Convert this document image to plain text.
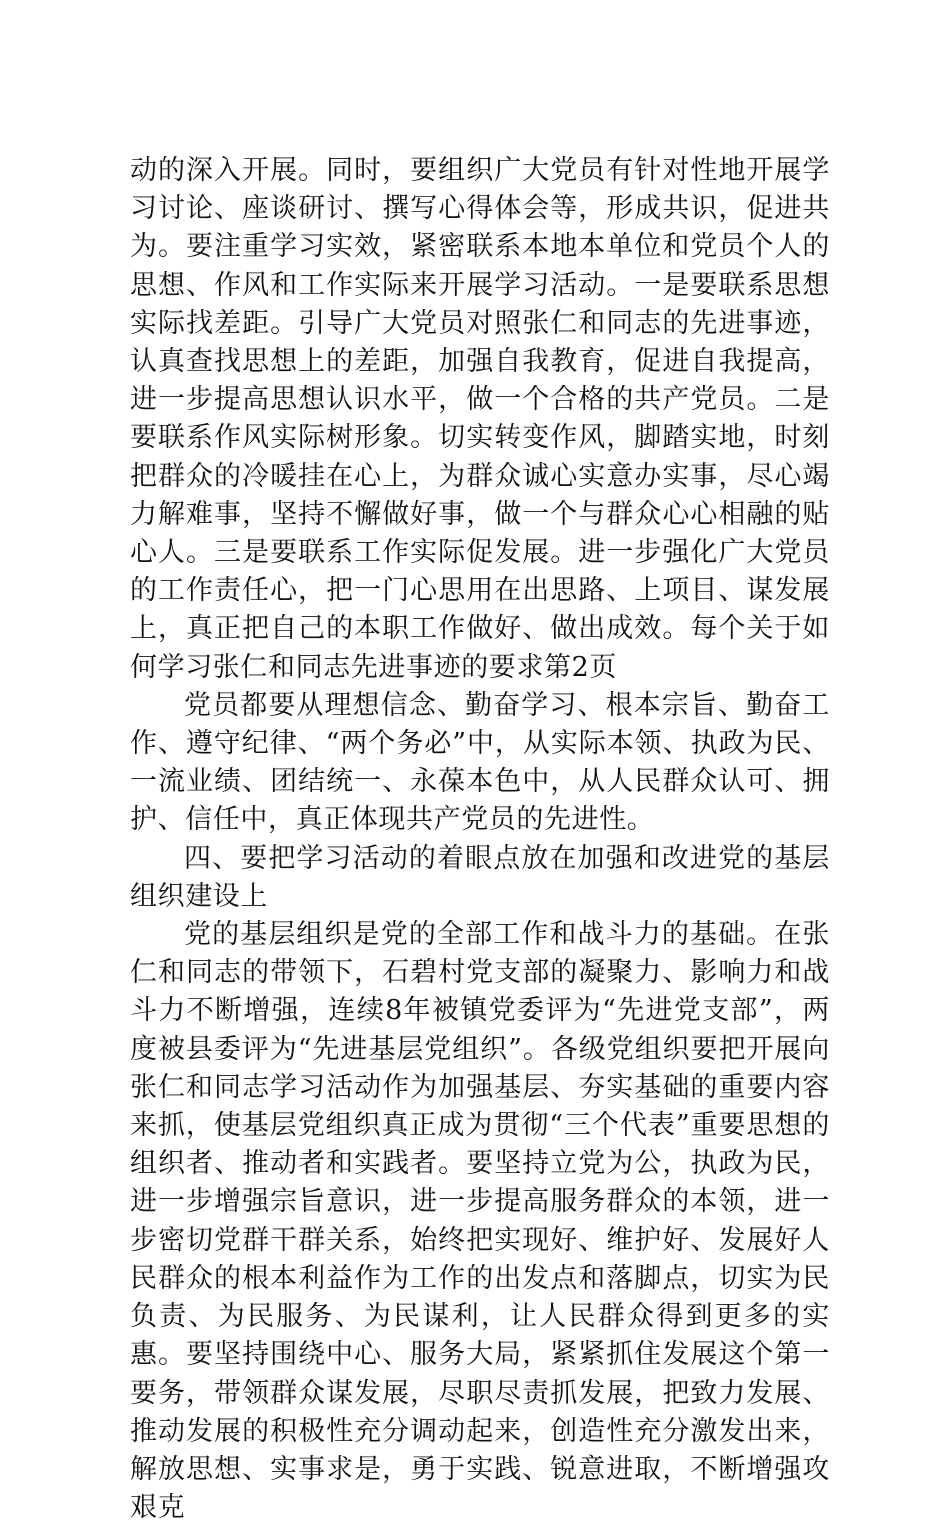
动的深入开展。同时，要组织广大党员有针对性地开展学习讨论、座谈研讨、撰写心得体会等，形成共识，促进共为。要注重学习实效，紧密联系本地本单位和党员个人的思想、作风和工作实际来开展学习活动。一是要联系思想实际找差距。引导广大党员对照张仁和同志的先进事迹，认真查找思想上的差距，加强自我教育，促进自我提高，进一步提高思想认识水平，做一个合格的共产党员。二是要联系作风实际树形象。切实转变作风，脚踏实地，时刻把群众的冷暖挂在心上，为群众诚心实意办实事，尽心竭力解难事，坚持不懈做好事，做一个与群众心心相融的贴心人。三是要联系工作实际促发展。进一步强化广大党员的工作责任心，把一门心思用在出思路、上项目、谋发展上，真正把自己的本职工作做好、做出成效。每个关于如何学习张仁和同志先进事迹的要求第2页

党员都要从理想信念、勤奋学习、根本宗旨、勤奋工作、遵守纪律、“两个务必”中，从实际本领、执政为民、一流业绩、团结统一、永葆本色中，从人民群众认可、拥护、信任中，真正体现共产党员的先进性。

四、要把学习活动的着眼点放在加强和改进党的基层组织建设上

党的基层组织是党的全部工作和战斗力的基础。在张仁和同志的带领下，石碧村党支部的凝聚力、影响力和战斗力不断增强，连续8年被镇党委评为“先进党支部”，两度被县委评为“先进基层党组织”。各级党组织要把开展向张仁和同志学习活动作为加强基层、夯实基础的重要内容来抓，使基层党组织真正成为贯彻“三个代表”重要思想的组织者、推动者和实践者。要坚持立党为公，执政为民，进一步增强宗旨意识，进一步提高服务群众的本领，进一步密切党群干群关系，始终把实现好、维护好、发展好人民群众的根本利益作为工作的出发点和落脚点，切实为民负责、为民服务、为民谋利，让人民群众得到更多的实惠。要坚持围绕中心、服务大局，紧紧抓住发展这个第一要务，带领群众谋发展，尽职尽责抓发展，把致力发展、推动发展的积极性充分调动起来，创造性充分激发出来，解放思想、实事求是，勇于实践、锐意进取，不断增强攻艰克
